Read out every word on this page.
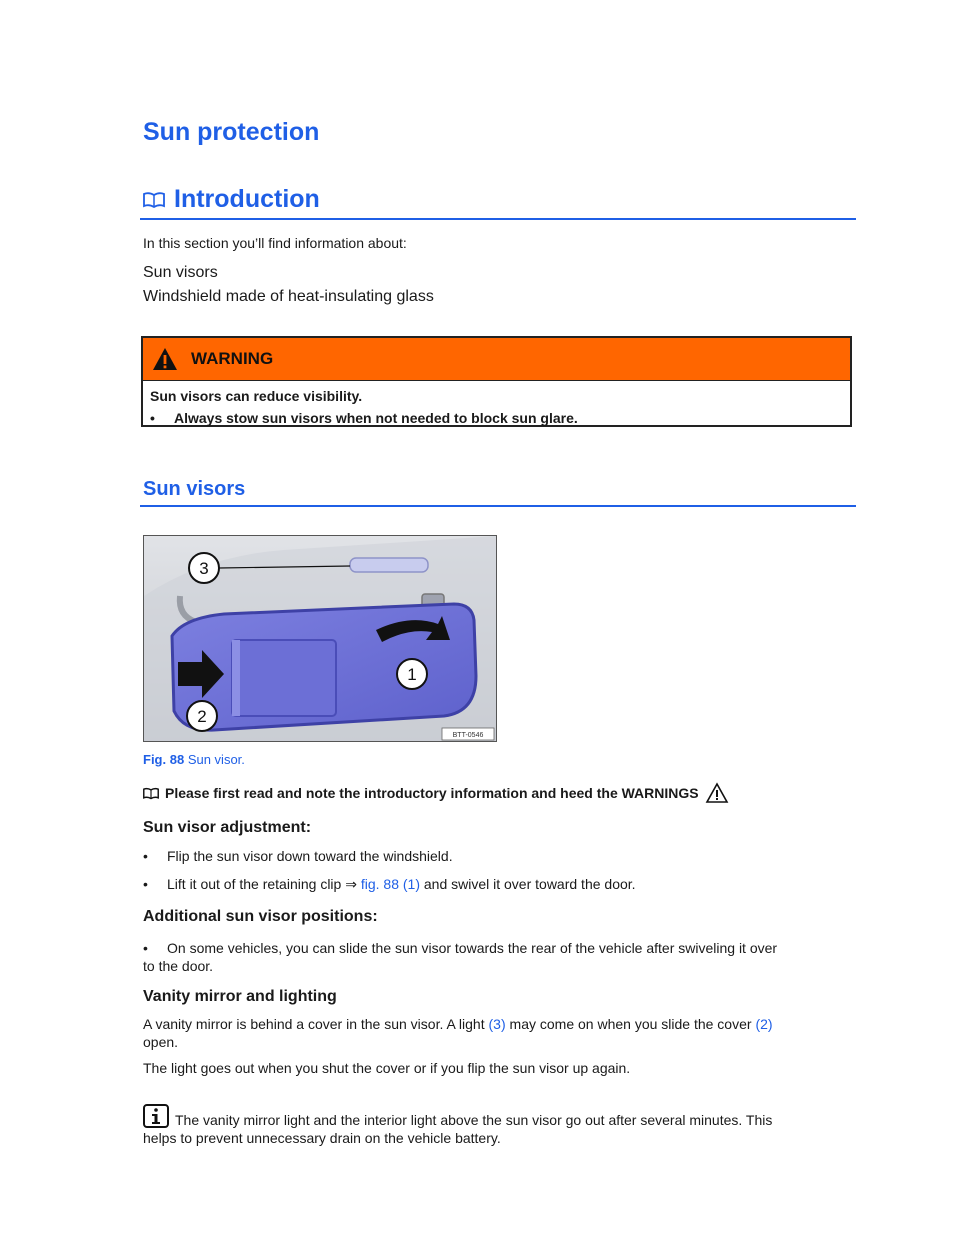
Sun protection
Introduction
In this section you’ll find information about:
Sun visors
Windshield made of heat-insulating glass
WARNING
Sun visors can reduce visibility.
•	Always stow sun visors when not needed to block sun glare.
Sun visors
3
1
2
BTT-0546
Fig. 88 Sun visor.
Please first read and note the introductory information and heed the WARNINGS
Sun visor adjustment:
•	Flip the sun visor down toward the windshield.
•	Lift it out of the retaining clip ⇒ fig. 88 (1) and swivel it over toward the door.
Additional sun visor positions:
•	On some vehicles, you can slide the sun visor towards the rear of the vehicle after swiveling it over
to the door.
Vanity mirror and lighting
A vanity mirror is behind a cover in the sun visor. A light (3) may come on when you slide the cover (2)
open.
The light goes out when you shut the cover or if you flip the sun visor up again.
The vanity mirror light and the interior light above the sun visor go out after several minutes. This
helps to prevent unnecessary drain on the vehicle battery.
